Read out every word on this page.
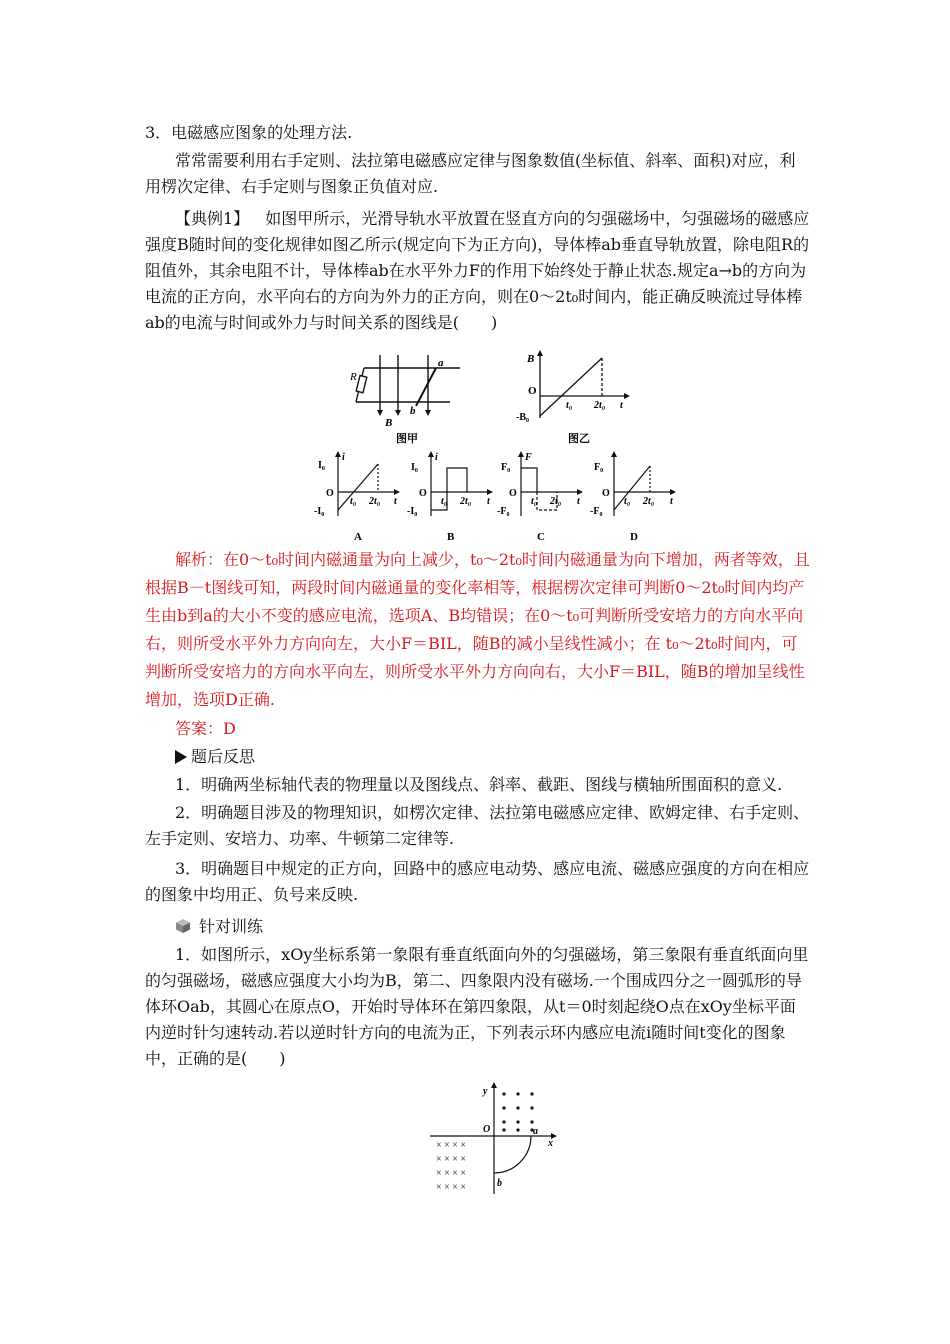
3．电磁感应图象的处理方法.

常常需要利用右手定则、法拉第电磁感应定律与图象数值(坐标值、斜率、面积)对应，利用楞次定律、右手定则与图象正负值对应.

【典例1】  如图甲所示，光滑导轨水平放置在竖直方向的匀强磁场中，匀强磁场的磁感应强度B随时间的变化规律如图乙所示(规定向下为正方向)，导体棒ab垂直导轨放置，除电阻R的阻值外，其余电阻不计，导体棒ab在水平外力F的作用下始终处于静止状态.规定a→b的方向为电流的正方向，水平向右的方向为外力的正方向，则在0～2t₀时间内，能正确反映流过导体棒ab的电流与时间或外力与时间关系的图线是(　　)

R
a
b
B
图甲
B
O
-B₀
t₀ 2t₀ t
图乙
i
I₀
O
-I₀
t₀ 2t₀ t
A
i
I₀
O
-I₀
t₀ 2t₀ t
B
F
F₀
O
-F₀
t₀ 2t₀ t
C
F₀
O
-F₀
t₀ 2t₀ t
D

解析：在0～t₀时间内磁通量为向上减少，t₀～2t₀时间内磁通量为向下增加，两者等效，且根据B－t图线可知，两段时间内磁通量的变化率相等，根据楞次定律可判断0～2t₀时间内均产生由b到a的大小不变的感应电流，选项A、B均错误；在0～t₀可判断所受安培力的方向水平向右，则所受水平外力方向向左，大小F＝BIL，随B的减小呈线性减小；在 t₀～2t₀时间内，可判断所受安培力的方向水平向左，则所受水平外力方向向右，大小F＝BIL，随B的增加呈线性增加，选项D正确.

答案：D

题后反思

1．明确两坐标轴代表的物理量以及图线点、斜率、截距、图线与横轴所围面积的意义.

2．明确题目涉及的物理知识，如楞次定律、法拉第电磁感应定律、欧姆定律、右手定则、左手定则、安培力、功率、牛顿第二定律等.

3．明确题目中规定的正方向，回路中的感应电动势、感应电流、磁感应强度的方向在相应的图象中均用正、负号来反映.

针对训练

1．如图所示，xOy坐标系第一象限有垂直纸面向外的匀强磁场，第三象限有垂直纸面向里的匀强磁场，磁感应强度大小均为B，第二、四象限内没有磁场.一个围成四分之一圆弧形的导体环Oab，其圆心在原点O，开始时导体环在第四象限，从t＝0时刻起绕O点在xOy坐标平面内逆时针匀速转动.若以逆时针方向的电流为正，下列表示环内感应电流i随时间t变化的图象中，正确的是(　　)

× × × ×
× × × ×
× × × ×
× × × ×
y
O	a
x
b
